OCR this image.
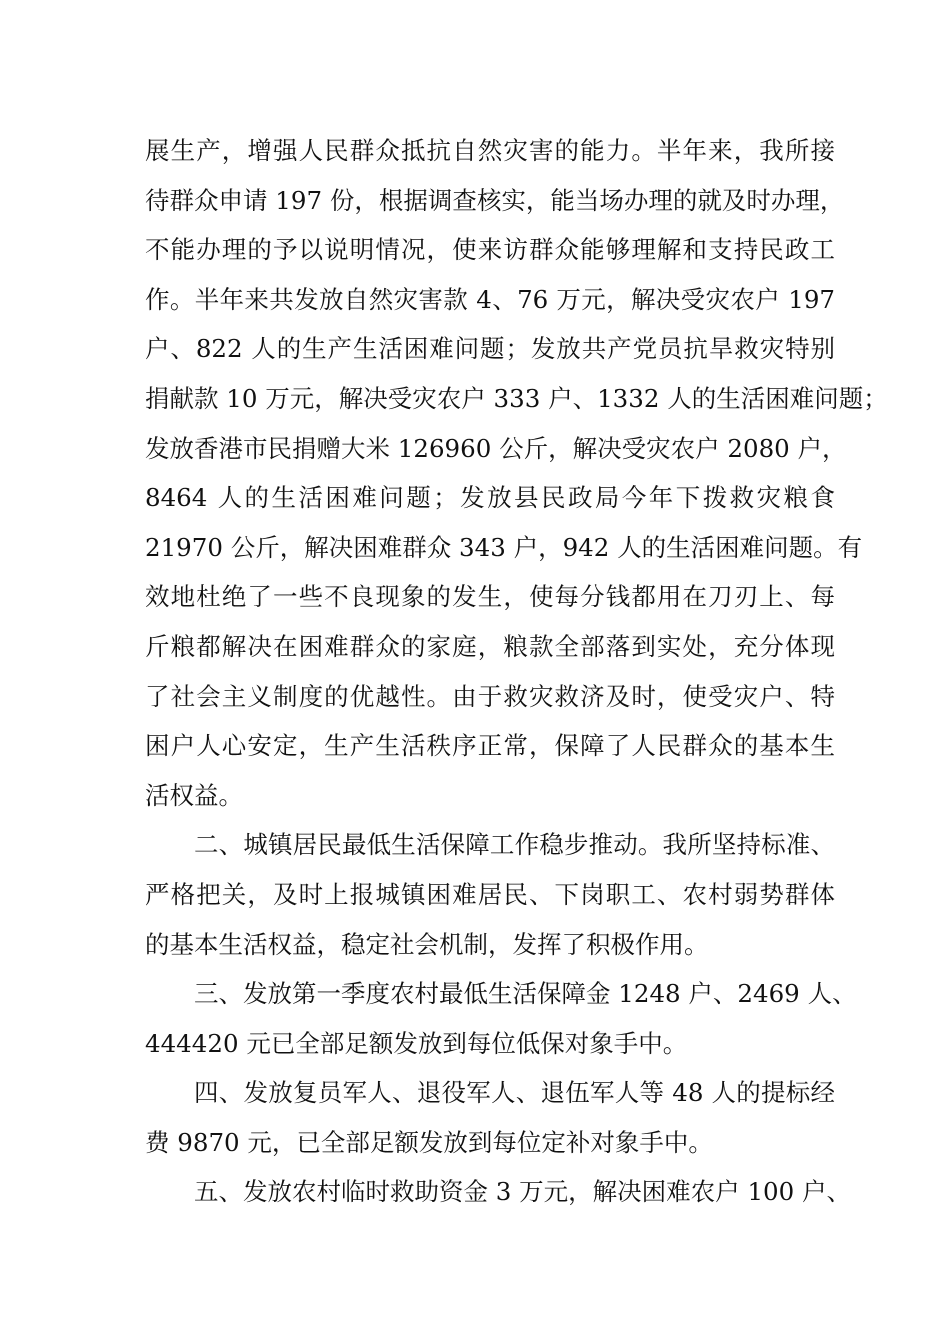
展生产，增强人民群众抵抗自然灾害的能力。半年来，我所接
待群众申请 197 份，根据调查核实，能当场办理的就及时办理，
不能办理的予以说明情况，使来访群众能够理解和支持民政工
作。半年来共发放自然灾害款 4、76 万元，解决受灾农户 197
户、822 人的生产生活困难问题；发放共产党员抗旱救灾特别
捐献款 10 万元，解决受灾农户 333 户、1332 人的生活困难问题；
发放香港市民捐赠大米 126960 公斤，解决受灾农户 2080 户，
8464 人的生活困难问题；发放县民政局今年下拨救灾粮食
21970 公斤，解决困难群众 343 户，942 人的生活困难问题。有
效地杜绝了一些不良现象的发生，使每分钱都用在刀刃上、每
斤粮都解决在困难群众的家庭，粮款全部落到实处，充分体现
了社会主义制度的优越性。由于救灾救济及时，使受灾户、特
困户人心安定，生产生活秩序正常，保障了人民群众的基本生
活权益。
二、城镇居民最低生活保障工作稳步推动。我所坚持标准、
严格把关，及时上报城镇困难居民、下岗职工、农村弱势群体
的基本生活权益，稳定社会机制，发挥了积极作用。
三、发放第一季度农村最低生活保障金 1248 户、2469 人、
444420 元已全部足额发放到每位低保对象手中。
四、发放复员军人、退役军人、退伍军人等 48 人的提标经
费 9870 元，已全部足额发放到每位定补对象手中。
五、发放农村临时救助资金 3 万元，解决困难农户 100 户、
